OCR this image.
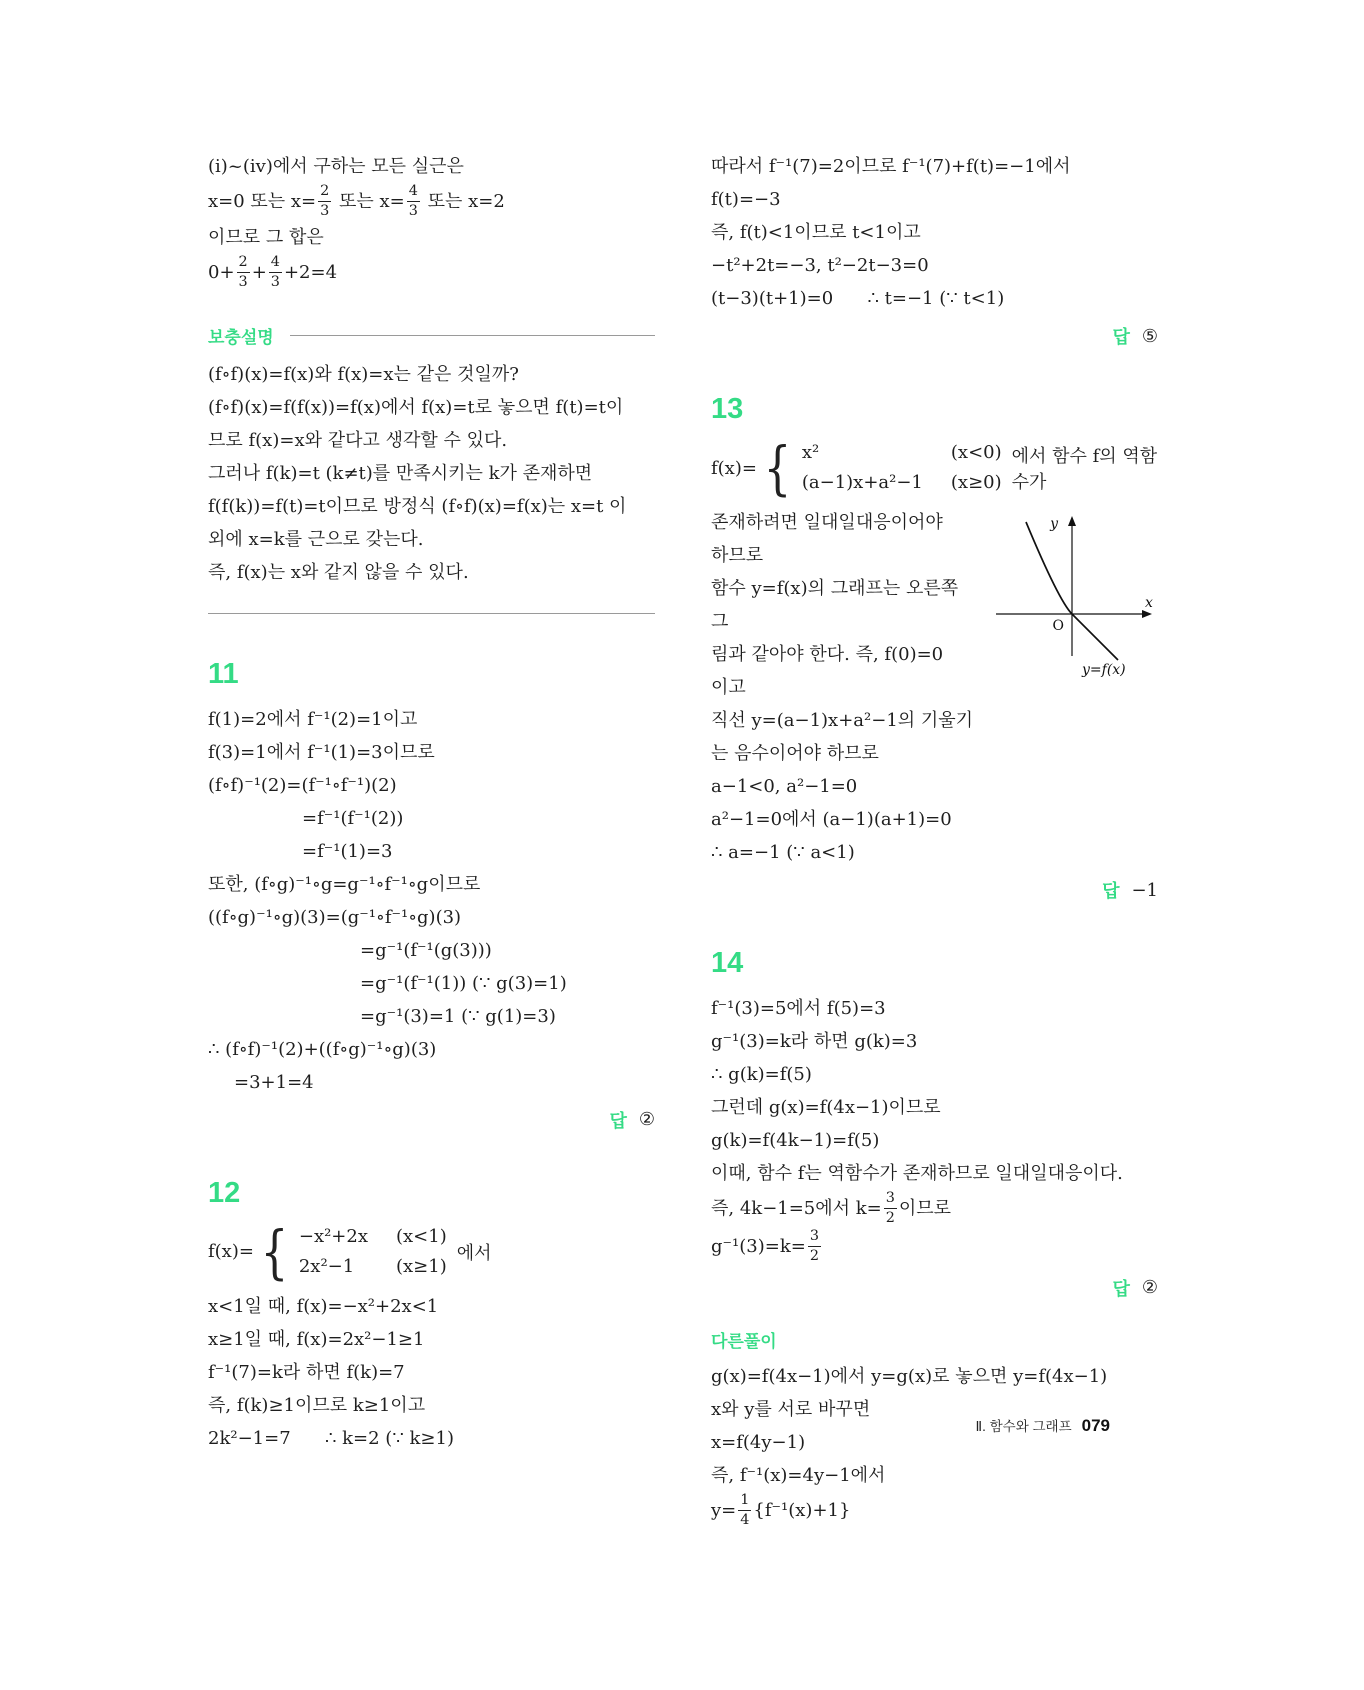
(ⅰ)~(ⅳ)에서 구하는 모든 실근은
x=0 또는 $x= \frac{2}{3}$ 또는 $x= \frac{4}{3}$ 또는 x=2
이므로 그 합은
$0+ \frac{2}{3} + \frac{4}{3} +2=4$
보충설명
(f∘f)(x)=f(x)와 f(x)=x는 같은 것일까?
(f∘f)(x)=f(f(x))=f(x)에서 f(x)=t로 놓으면 f(t)=t이
므로 f(x)=x와 같다고 생각할 수 있다.
그러나 f(k)=t (k≠t)를 만족시키는 k가 존재하면
f(f(k))=f(t)=t이므로 방정식 (f∘f)(x)=f(x)는 x=t 이
외에 x=k를 근으로 갖는다.
즉, f(x)는 x와 같지 않을 수 있다.
11
f(1)=2에서 f⁻¹(2)=1이고
f(3)=1에서 f⁻¹(1)=3이므로
(f∘f)⁻¹(2)=(f⁻¹∘f⁻¹)(2)
=f⁻¹(f⁻¹(2))
=f⁻¹(1)=3
또한, (f∘g)⁻¹∘g=g⁻¹∘f⁻¹∘g이므로
((f∘g)⁻¹∘g)(3)=(g⁻¹∘f⁻¹∘g)(3)
=g⁻¹(f⁻¹(g(3)))
=g⁻¹(f⁻¹(1)) (∵ g(3)=1)
=g⁻¹(3)=1 (∵ g(1)=3)
∴ (f∘f)⁻¹(2)+((f∘g)⁻¹∘g)(3)
=3+1=4
답 ②
12
f(x)= { −x²+2x (x<1)
2x²−1	(x≥1)
에서
x<1일 때, f(x)=−x²+2x<1
x≥1일 때, f(x)=2x²−1≥1
f⁻¹(7)=k라 하면 f(k)=7
즉, f(k)≥1이므로 k≥1이고
2k²−1=7      ∴ k=2 (∵ k≥1)
따라서 f⁻¹(7)=2이므로 f⁻¹(7)+f(t)=−1에서
f(t)=−3
즉, f(t)<1이므로 t<1이고
−t²+2t=−3, t²−2t−3=0
(t−3)(t+1)=0      ∴ t=−1 (∵ t<1)
답 ⑤
13
f(x)= { x²	(x<0)
(a−1)x+a²−1 (x≥0)
에서 함수 f의 역함수가
y
x
O
y=f(x)
존재하려면 일대일대응이어야 하므로
함수 y=f(x)의 그래프는 오른쪽 그
림과 같아야 한다. 즉, f(0)=0이고
직선 y=(a−1)x+a²−1의 기울기
는 음수이어야 하므로
a−1<0, a²−1=0
a²−1=0에서 (a−1)(a+1)=0
∴ a=−1 (∵ a<1)
답 −1
14
f⁻¹(3)=5에서 f(5)=3
g⁻¹(3)=k라 하면 g(k)=3
∴ g(k)=f(5)
그런데 g(x)=f(4x−1)이므로
g(k)=f(4k−1)=f(5)
이때, 함수 f는 역함수가 존재하므로 일대일대응이다.
즉, 4k−1=5에서 $k= \frac{3}{2}$ 이므로
$g^{-1}(3)=k= \frac{3}{2}$
답 ②
다른풀이
g(x)=f(4x−1)에서 y=g(x)로 놓으면 y=f(4x−1)
x와 y를 서로 바꾸면
x=f(4y−1)
즉, f⁻¹(x)=4y−1에서
$y= \frac{1}{4} \{f^{-1}(x)+1\}$
Ⅱ. 함수와 그래프 079
